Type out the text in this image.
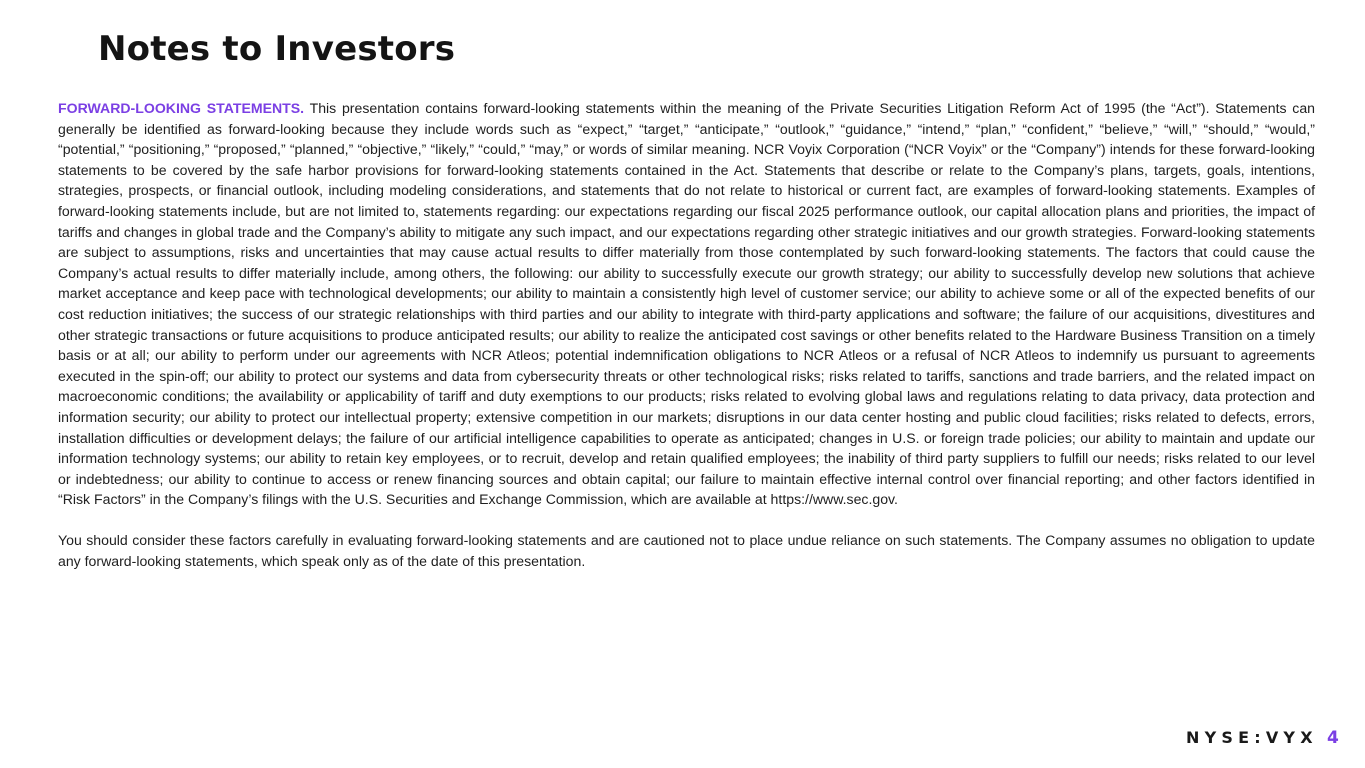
Notes to Investors

FORWARD-LOOKING STATEMENTS. This presentation contains forward-looking statements within the meaning of the Private Securities Litigation Reform Act of 1995 (the “Act”). Statements can generally be identified as forward-looking because they include words such as “expect,” “target,” “anticipate,” “outlook,” “guidance,” “intend,” “plan,” “confident,” “believe,” “will,” “should,” “would,” “potential,” “positioning,” “proposed,” “planned,” “objective,” “likely,” “could,” “may,” or words of similar meaning. NCR Voyix Corporation (“NCR Voyix” or the “Company”) intends for these forward-looking statements to be covered by the safe harbor provisions for forward-looking statements contained in the Act. Statements that describe or relate to the Company’s plans, targets, goals, intentions, strategies, prospects, or financial outlook, including modeling considerations, and statements that do not relate to historical or current fact, are examples of forward-looking statements. Examples of forward-looking statements include, but are not limited to, statements regarding: our expectations regarding our fiscal 2025 performance outlook, our capital allocation plans and priorities, the impact of tariffs and changes in global trade and the Company’s ability to mitigate any such impact, and our expectations regarding other strategic initiatives and our growth strategies. Forward-looking statements are subject to assumptions, risks and uncertainties that may cause actual results to differ materially from those contemplated by such forward-looking statements. The factors that could cause the Company’s actual results to differ materially include, among others, the following: our ability to successfully execute our growth strategy; our ability to successfully develop new solutions that achieve market acceptance and keep pace with technological developments; our ability to maintain a consistently high level of customer service; our ability to achieve some or all of the expected benefits of our cost reduction initiatives; the success of our strategic relationships with third parties and our ability to integrate with third-party applications and software; the failure of our acquisitions, divestitures and other strategic transactions or future acquisitions to produce anticipated results; our ability to realize the anticipated cost savings or other benefits related to the Hardware Business Transition on a timely basis or at all; our ability to perform under our agreements with NCR Atleos; potential indemnification obligations to NCR Atleos or a refusal of NCR Atleos to indemnify us pursuant to agreements executed in the spin-off; our ability to protect our systems and data from cybersecurity threats or other technological risks; risks related to tariffs, sanctions and trade barriers, and the related impact on macroeconomic conditions; the availability or applicability of tariff and duty exemptions to our products; risks related to evolving global laws and regulations relating to data privacy, data protection and information security; our ability to protect our intellectual property; extensive competition in our markets; disruptions in our data center hosting and public cloud facilities; risks related to defects, errors, installation difficulties or development delays; the failure of our artificial intelligence capabilities to operate as anticipated; changes in U.S. or foreign trade policies; our ability to maintain and update our information technology systems; our ability to retain key employees, or to recruit, develop and retain qualified employees; the inability of third party suppliers to fulfill our needs; risks related to our level or indebtedness; our ability to continue to access or renew financing sources and obtain capital; our failure to maintain effective internal control over financial reporting; and other factors identified in “Risk Factors” in the Company’s filings with the U.S. Securities and Exchange Commission, which are available at https://www.sec.gov.

You should consider these factors carefully in evaluating forward-looking statements and are cautioned not to place undue reliance on such statements. The Company assumes no obligation to update any forward-looking statements, which speak only as of the date of this presentation.

NYSE:VYX 4
